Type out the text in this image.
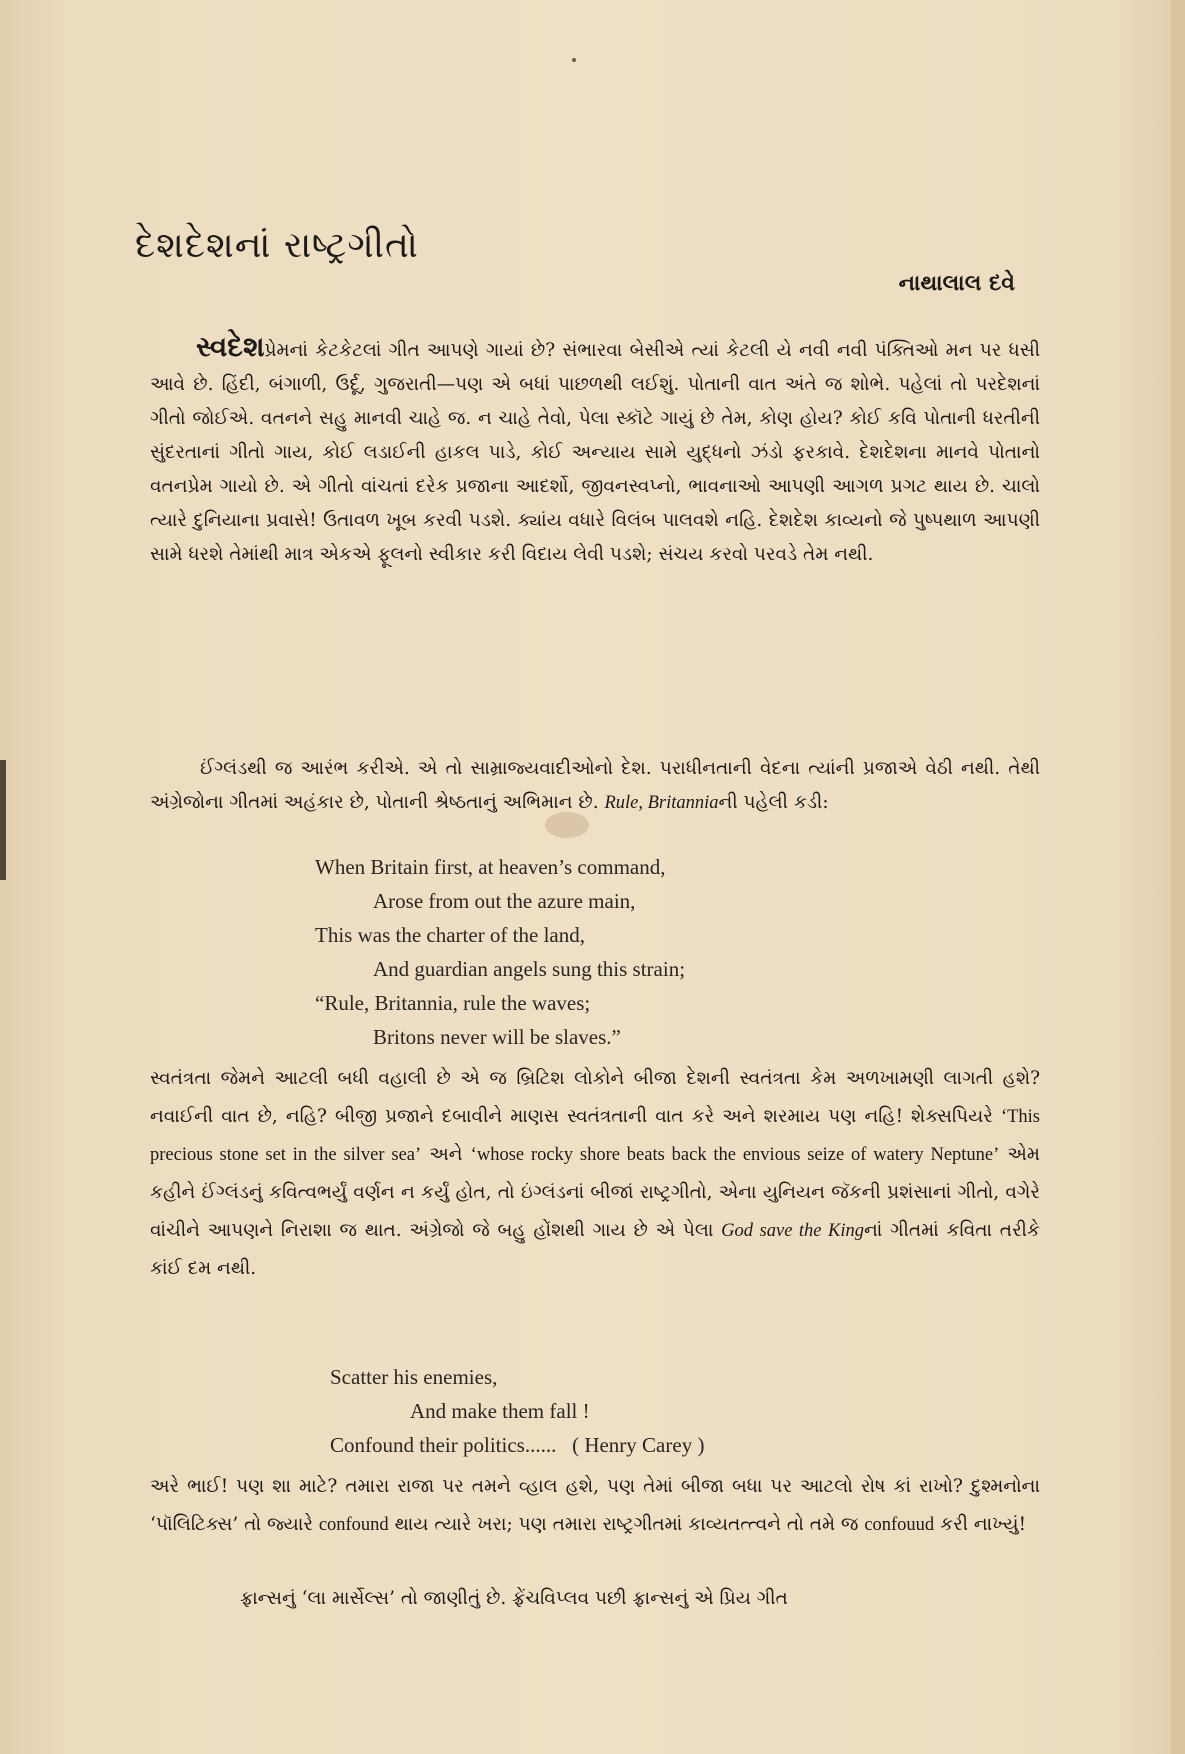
દેશદેશનાં રાષ્ટ્રગીતો
નાથાલાલ દવે
સ્વદેશપ્રેમનાં કેટકેટલાં ગીત આપણે ગાયાં છે? સંભારવા બેસીએ ત્યાં કેટલી યે નવી નવી પંક્તિઓ મન પર ધસી આવે છે. હિંદી, બંગાળી, ઉર્દૂ, ગુજરાતી—પણ એ બધાં પાછળથી લઈશું. પોતાની વાત અંતે જ શોભે. પહેલાં તો પરદેશનાં ગીતો જોઈએ. વતનને સહુ માનવી ચાહે જ. ન ચાહે તેવો, પેલા સ્કૉટે ગાયું છે તેમ, કોણ હોય? કોઈ કવિ પોતાની ધરતીની સુંદરતાનાં ગીતો ગાય, કોઈ લડાઈની હાકલ પાડે, કોઈ અન્યાય સામે યુદ્ધનો ઝંડો ફરકાવે. દેશદેશના માનવે પોતાનો વતનપ્રેમ ગાયો છે. એ ગીતો વાંચતાં દરેક પ્રજાના આદર્શો, જીવનસ્વપ્નો, ભાવનાઓ આપણી આગળ પ્રગટ થાય છે. ચાલો ત્યારે દુનિયાના પ્રવાસે! ઉતાવળ ખૂબ કરવી પડશે. ક્યાંય વધારે વિલંબ પાલવશે નહિ. દેશદેશ કાવ્યનો જે પુષ્પથાળ આપણી સામે ધરશે તેમાંથી માત્ર એકએ ફૂલનો સ્વીકાર કરી વિદાય લેવી પડશે; સંચય કરવો પરવડે તેમ નથી.
ઈંગ્લંડથી જ આરંભ કરીએ. એ તો સામ્રાજ્યવાદીઓનો દેશ. પરાધીનતાની વેદના ત્યાંની પ્રજાએ વેઠી નથી. તેથી અંગ્રેજોના ગીતમાં અહંકાર છે, પોતાની શ્રેષ્ઠતાનું અભિમાન છે. Rule, Britanniaની પહેલી કડી:
When Britain first, at heaven’s command,
Arose from out the azure main,
This was the charter of the land,
And guardian angels sung this strain;
“Rule, Britannia, rule the waves;
Britons never will be slaves.”
સ્વતંત્રતા જેમને આટલી બધી વહાલી છે એ જ બ્રિટિશ લોકોને બીજા દેશની સ્વતંત્રતા કેમ અળખામણી લાગતી હશે? નવાઈની વાત છે, નહિ? બીજી પ્રજાને દબાવીને માણસ સ્વતંત્રતાની વાત કરે અને શરમાય પણ નહિ! શેક્સપિયરે ‘This precious stone set in the silver sea’ અને ‘whose rocky shore beats back the envious seize of watery Neptune’ એમ કહીને ઈંગ્લંડનું કવિત્વભર્યું વર્ણન ન કર્યું હોત, તો ઇંગ્લંડનાં બીજાં રાષ્ટ્રગીતો, એના યુનિયન જૅકની પ્રશંસાનાં ગીતો, વગેરે વાંચીને આપણને નિરાશા જ થાત. અંગ્રેજો જે બહુ હોંશથી ગાય છે એ પેલા God save the Kingનાં ગીતમાં કવિતા તરીકે કાંઈ દમ નથી.
Scatter his enemies,
And make them fall !
Confound their politics...... ( Henry Carey )
અરે ભાઈ! પણ શા માટે? તમારા રાજા પર તમને વ્હાલ હશે, પણ તેમાં બીજા બધા પર આટલો રોષ કાં રાખો? દુશ્મનોના ‘પૉલિટિક્સ’ તો જ્યારે confound થાય ત્યારે ખરા; પણ તમારા રાષ્ટ્રગીતમાં કાવ્યતત્ત્વને તો તમે જ confouud કરી નાખ્યું!
ફ્રાન્સનું ‘લા માર્સેલ્સ’ તો જાણીતું છે. ફ્રેંચવિપ્લવ પછી ફ્રાન્સનું એ પ્રિય ગીત
